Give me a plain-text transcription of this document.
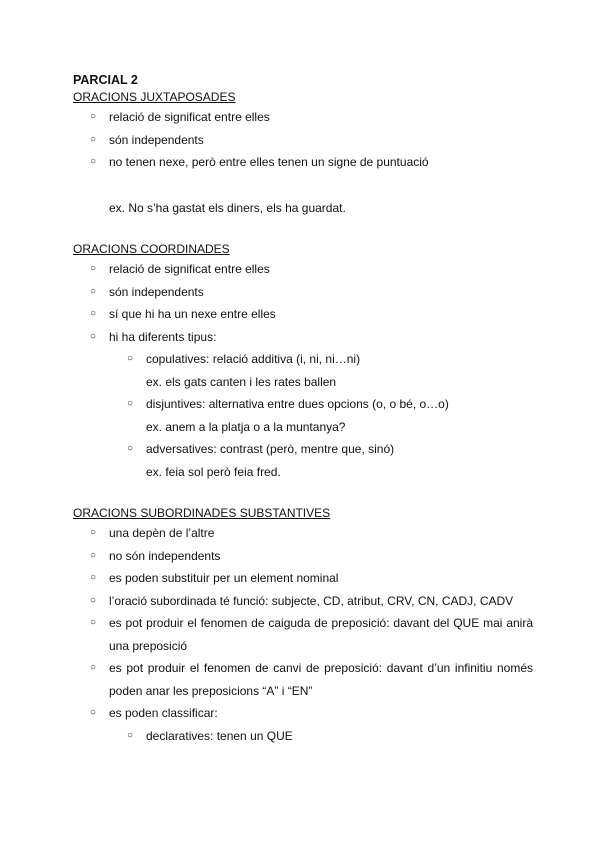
PARCIAL 2

ORACIONS JUXTAPOSADES

○ relació de significat entre elles
○ són independents
○ no tenen nexe, però entre elles tenen un signe de puntuació
ex. No s’ha gastat els diners, els ha guardat.

ORACIONS COORDINADES

○ relació de significat entre elles
○ són independents
○ sí que hi ha un nexe entre elles
○ hi ha diferents tipus:
○ copulatives: relació additiva (i, ni, ni…ni)
ex. els gats canten i les rates ballen
○ disjuntives: alternativa entre dues opcions (o, o bé, o…o)
ex. anem a la platja o a la muntanya?
○ adversatives: contrast (però, mentre que, sinó)
ex. feia sol però feia fred.

ORACIONS SUBORDINADES SUBSTANTIVES

○ una depèn de l’altre
○ no són independents
○ es poden substituir per un element nominal
○ l’oració subordinada té funció: subjecte, CD, atribut, CRV, CN, CADJ, CADV
○ es pot produir el fenomen de caiguda de preposició: davant del QUE mai anirà una preposició
○ es pot produir el fenomen de canvi de preposició: davant d’un infinitiu només poden anar les preposicions “A” i “EN”
○ es poden classificar:
○ declaratives: tenen un QUE
